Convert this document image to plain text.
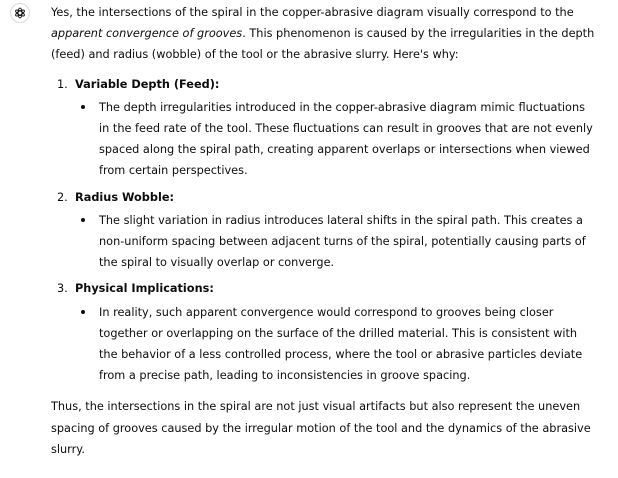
Yes, the intersections of the spiral in the copper-abrasive diagram visually correspond to the apparent convergence of grooves. This phenomenon is caused by the irregularities in the depth (feed) and radius (wobble) of the tool or the abrasive slurry. Here's why:

1. Variable Depth (Feed):
The depth irregularities introduced in the copper-abrasive diagram mimic fluctuations in the feed rate of the tool. These fluctuations can result in grooves that are not evenly spaced along the spiral path, creating apparent overlaps or intersections when viewed from certain perspectives.
2. Radius Wobble:
The slight variation in radius introduces lateral shifts in the spiral path. This creates a non-uniform spacing between adjacent turns of the spiral, potentially causing parts of the spiral to visually overlap or converge.
3. Physical Implications:
In reality, such apparent convergence would correspond to grooves being closer together or overlapping on the surface of the drilled material. This is consistent with the behavior of a less controlled process, where the tool or abrasive particles deviate from a precise path, leading to inconsistencies in groove spacing.

Thus, the intersections in the spiral are not just visual artifacts but also represent the uneven spacing of grooves caused by the irregular motion of the tool and the dynamics of the abrasive slurry.
